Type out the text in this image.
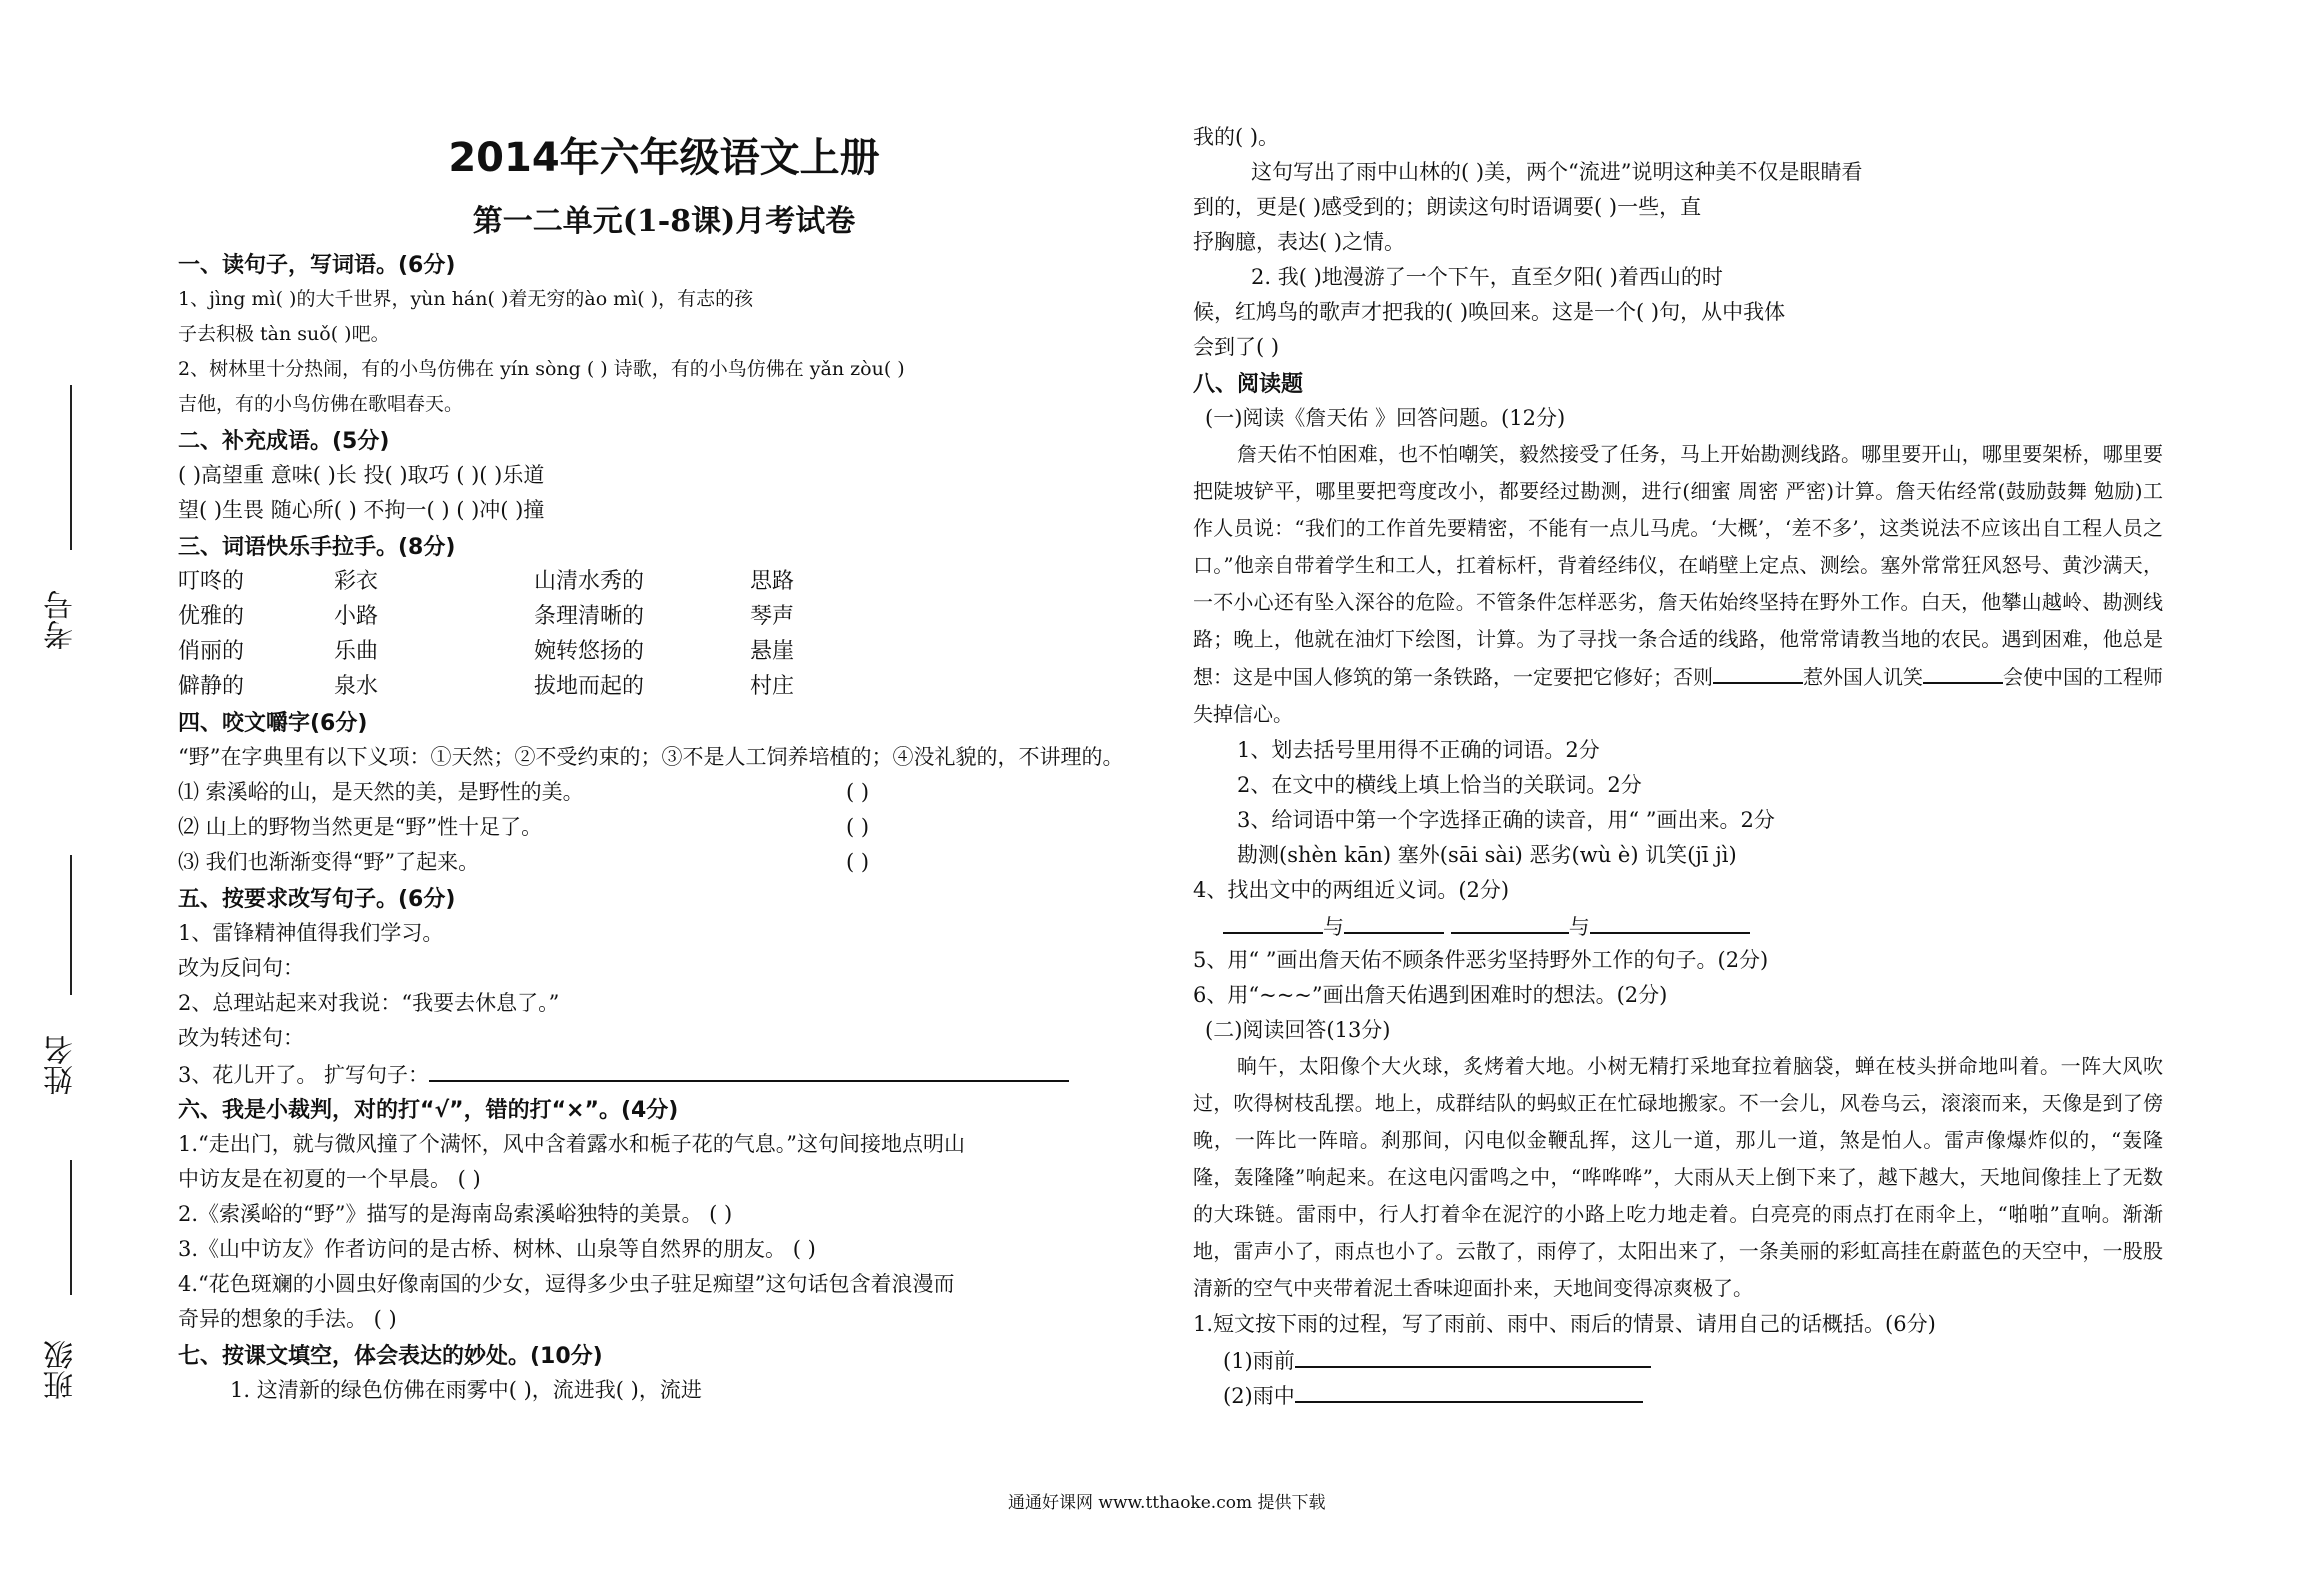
考号
姓名
班级
2014年六年级语文上册
第一二单元(1-8课)月考试卷
一、读句子，写词语。(6分)
1、jìng mì( )的大千世界，yùn hán( )着无穷的ào mì( )，有志的孩
子去积极 tàn suǒ( )吧。
2、树林里十分热闹，有的小鸟仿佛在 yín sòng ( ) 诗歌，有的小鸟仿佛在 yǎn zòu( )
吉他，有的小鸟仿佛在歌唱春天。
二、补充成语。(5分)
( )高望重 意味( )长 投( )取巧 ( )( )乐道
望( )生畏 随心所( ) 不拘一( ) ( )冲( )撞
三、词语快乐手拉手。(8分)
叮咚的	彩衣	山清水秀的	思路
优雅的	小路	条理清晰的	琴声
俏丽的	乐曲	婉转悠扬的	悬崖
僻静的	泉水	拔地而起的	村庄
四、咬文嚼字(6分)
“野”在字典里有以下义项：①天然；②不受约束的；③不是人工饲养培植的；④没礼貌的，不讲理的。
⑴ 索溪峪的山，是天然的美，是野性的美。	( )
⑵ 山上的野物当然更是“野”性十足了。	( )
⑶ 我们也渐渐变得“野”了起来。	( )
五、按要求改写句子。(6分)
1、雷锋精神值得我们学习。
改为反问句：
2、总理站起来对我说：“我要去休息了。”
改为转述句：
3、花儿开了。 扩写句子：
六、我是小裁判，对的打“√”，错的打“×”。(4分)
1.“走出门，就与微风撞了个满怀，风中含着露水和栀子花的气息。”这句间接地点明山
中访友是在初夏的一个早晨。 ( )
2.《索溪峪的“野”》描写的是海南岛索溪峪独特的美景。 ( )
3.《山中访友》作者访问的是古桥、树林、山泉等自然界的朋友。 ( )
4.“花色斑斓的小圆虫好像南国的少女，逗得多少虫子驻足痴望”这句话包含着浪漫而
奇异的想象的手法。 ( )
七、按课文填空，体会表达的妙处。(10分)
1. 这清新的绿色仿佛在雨雾中( )，流进我( )，流进
我的( )。
这句写出了雨中山林的( )美，两个“流进”说明这种美不仅是眼睛看
到的，更是( )感受到的；朗读这句时语调要( )一些，直
抒胸臆，表达( )之情。
2. 我( )地漫游了一个下午，直至夕阳( )着西山的时
候，红鸠鸟的歌声才把我的( )唤回来。这是一个( )句，从中我体
会到了( )
八、阅读题
(一)阅读《詹天佑 》回答问题。(12分)
詹天佑不怕困难，也不怕嘲笑，毅然接受了任务，马上开始勘测线路。哪里要开山，哪里要架桥，哪里要把陡坡铲平，哪里要把弯度改小，都要经过勘测，进行(细蜜 周密 严密)计算。詹天佑经常(鼓励鼓舞 勉励)工作人员说：“我们的工作首先要精密，不能有一点儿马虎。‘大概’，‘差不多’，这类说法不应该出自工程人员之口。”他亲自带着学生和工人，扛着标杆，背着经纬仪，在峭壁上定点、测绘。塞外常常狂风怒号、黄沙满天，一不小心还有坠入深谷的危险。不管条件怎样恶劣，詹天佑始终坚持在野外工作。白天，他攀山越岭、勘测线路；晚上，他就在油灯下绘图，计算。为了寻找一条合适的线路，他常常请教当地的农民。遇到困难，他总是想：这是中国人修筑的第一条铁路，一定要把它修好；否则	惹外国人讥笑	会使中国的工程师失掉信心。
1、划去括号里用得不正确的词语。2分
2、在文中的横线上填上恰当的关联词。2分
3、给词语中第一个字选择正确的读音，用“ ”画出来。2分
勘测(shèn kān) 塞外(sāi sài) 恶劣(wù è) 讥笑(jī jì)
4、找出文中的两组近义词。(2分)
与	与
5、用“ ”画出詹天佑不顾条件恶劣坚持野外工作的句子。(2分)
6、用“~~~”画出詹天佑遇到困难时的想法。(2分)
(二)阅读回答(13分)
晌午，太阳像个大火球，炙烤着大地。小树无精打采地耷拉着脑袋，蝉在枝头拼命地叫着。一阵大风吹过，吹得树枝乱摆。地上，成群结队的蚂蚁正在忙碌地搬家。不一会儿，风卷乌云，滚滚而来，天像是到了傍晚，一阵比一阵暗。刹那间，闪电似金鞭乱挥，这儿一道，那儿一道，煞是怕人。雷声像爆炸似的，“轰隆隆，轰隆隆”响起来。在这电闪雷鸣之中，“哗哗哗”，大雨从天上倒下来了，越下越大，天地间像挂上了无数的大珠链。雷雨中，行人打着伞在泥泞的小路上吃力地走着。白亮亮的雨点打在雨伞上，“啪啪”直响。渐渐地，雷声小了，雨点也小了。云散了，雨停了，太阳出来了，一条美丽的彩虹高挂在蔚蓝色的天空中，一股股清新的空气中夹带着泥土香味迎面扑来，天地间变得凉爽极了。
1.短文按下雨的过程，写了雨前、雨中、雨后的情景、请用自己的话概括。(6分)
(1)雨前
(2)雨中
通通好课网 www.tthaoke.com 提供下载
